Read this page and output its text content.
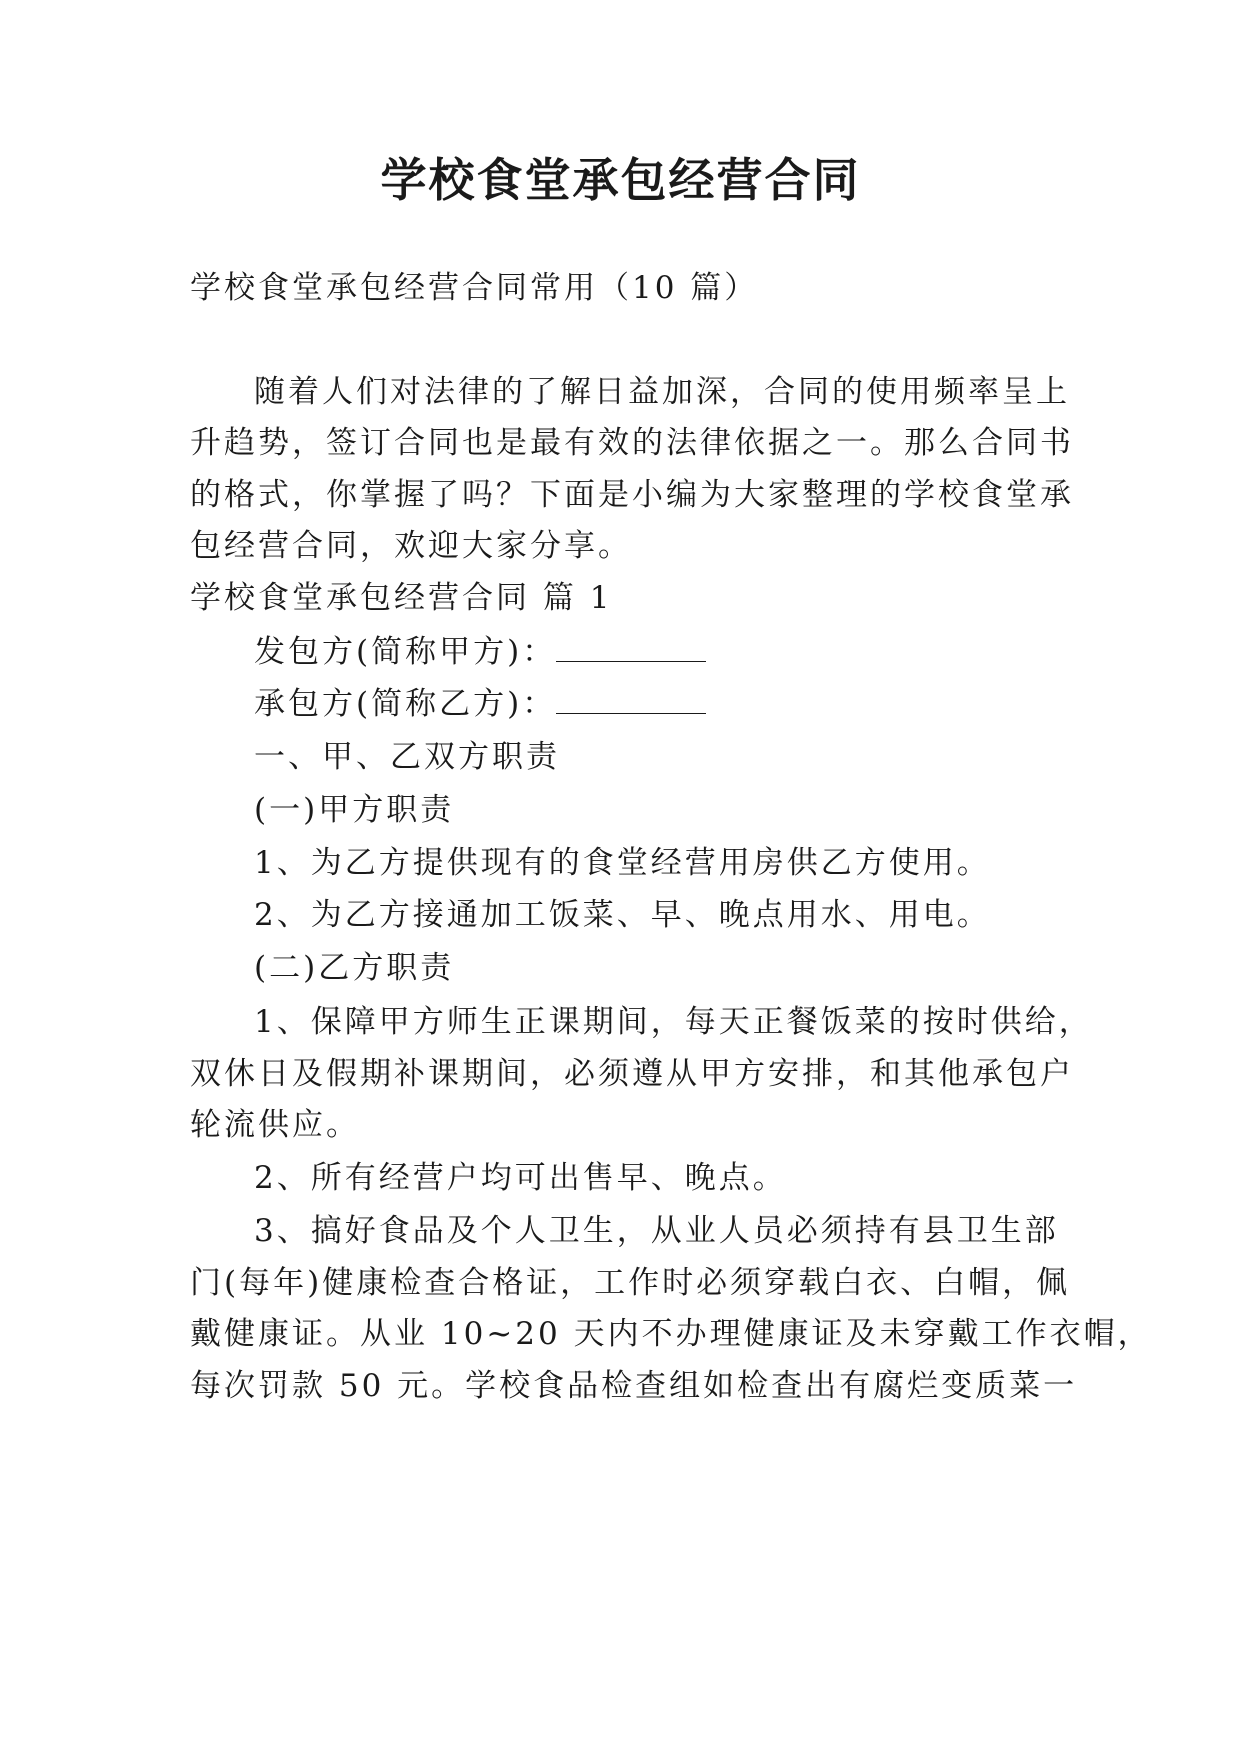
学校食堂承包经营合同
学校食堂承包经营合同常用（10 篇）
随着人们对法律的了解日益加深，合同的使用频率呈上
升趋势，签订合同也是最有效的法律依据之一。那么合同书
的格式，你掌握了吗？下面是小编为大家整理的学校食堂承
包经营合同，欢迎大家分享。
学校食堂承包经营合同 篇 1
发包方(简称甲方)：
承包方(简称乙方)：
一、甲、乙双方职责
(一)甲方职责
1、为乙方提供现有的食堂经营用房供乙方使用。
2、为乙方接通加工饭菜、早、晚点用水、用电。
(二)乙方职责
1、保障甲方师生正课期间，每天正餐饭菜的按时供给，
双休日及假期补课期间，必须遵从甲方安排，和其他承包户
轮流供应。
2、所有经营户均可出售早、晚点。
3、搞好食品及个人卫生，从业人员必须持有县卫生部
门(每年)健康检查合格证，工作时必须穿载白衣、白帽，佩
戴健康证。从业 10~20 天内不办理健康证及未穿戴工作衣帽，
每次罚款 50 元。学校食品检查组如检查出有腐烂变质菜一
